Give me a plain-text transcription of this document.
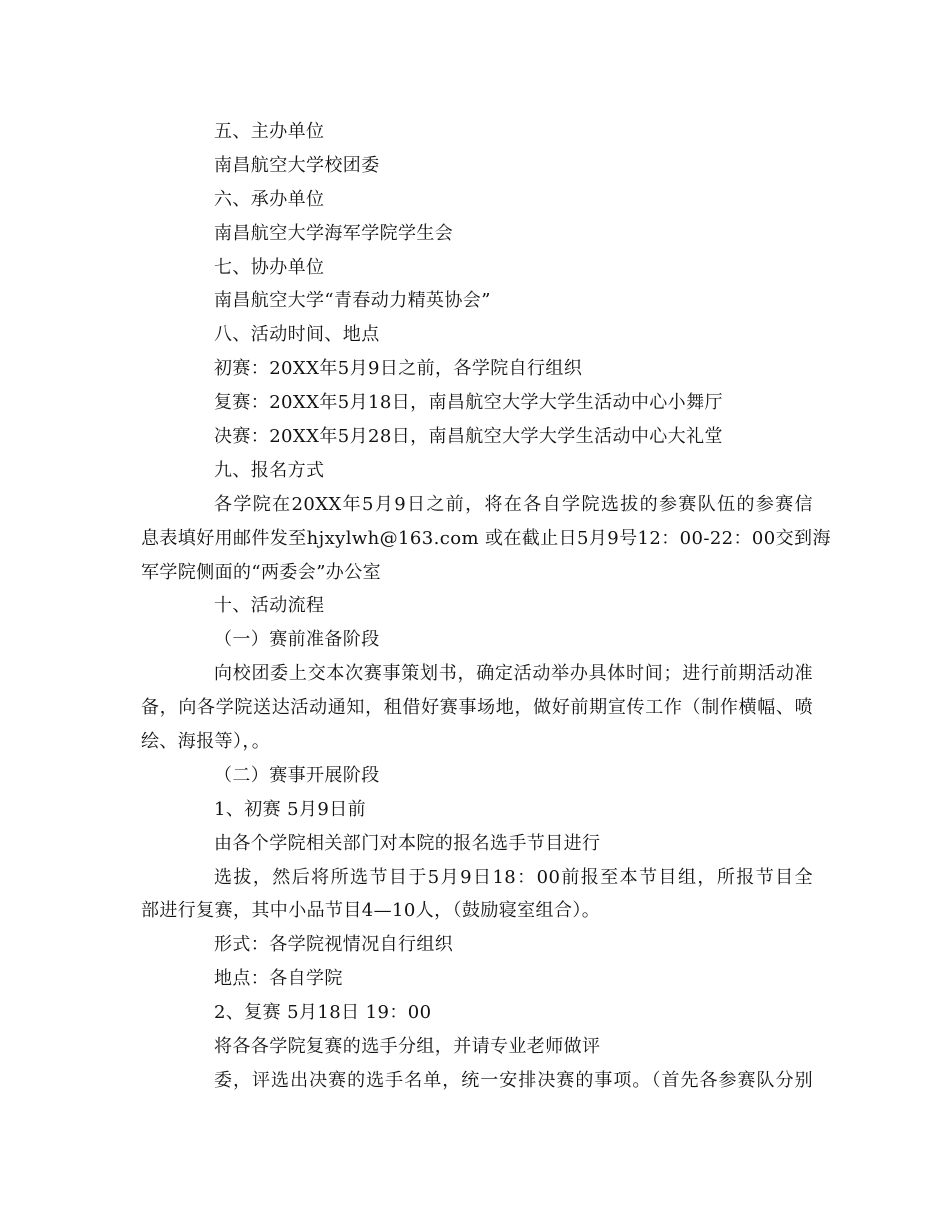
五、主办单位
南昌航空大学校团委
六、承办单位
南昌航空大学海军学院学生会
七、协办单位
南昌航空大学“青春动力精英协会”
八、活动时间、地点
初赛：20XX年5月9日之前，各学院自行组织
复赛：20XX年5月18日，南昌航空大学大学生活动中心小舞厅
决赛：20XX年5月28日，南昌航空大学大学生活动中心大礼堂
九、报名方式
各学院在20XX年5月9日之前，将在各自学院选拔的参赛队伍的参赛信
息表填好用邮件发至hjxylwh@163.com 或在截止日5月9号12：00-22：00交到海
军学院侧面的“两委会”办公室
十、活动流程
（一）赛前准备阶段
向校团委上交本次赛事策划书，确定活动举办具体时间；进行前期活动准
备，向各学院送达活动通知，租借好赛事场地，做好前期宣传工作（制作横幅、喷
绘、海报等），。
（二）赛事开展阶段
1、初赛 5月9日前
由各个学院相关部门对本院的报名选手节目进行
选拔，然后将所选节目于5月9日18：00前报至本节目组，所报节目全
部进行复赛，其中小品节目4—10人，（鼓励寝室组合）。
形式：各学院视情况自行组织
地点：各自学院
2、复赛 5月18日 19：00
将各各学院复赛的选手分组，并请专业老师做评
委，评选出决赛的选手名单，统一安排决赛的事项。（首先各参赛队分别
